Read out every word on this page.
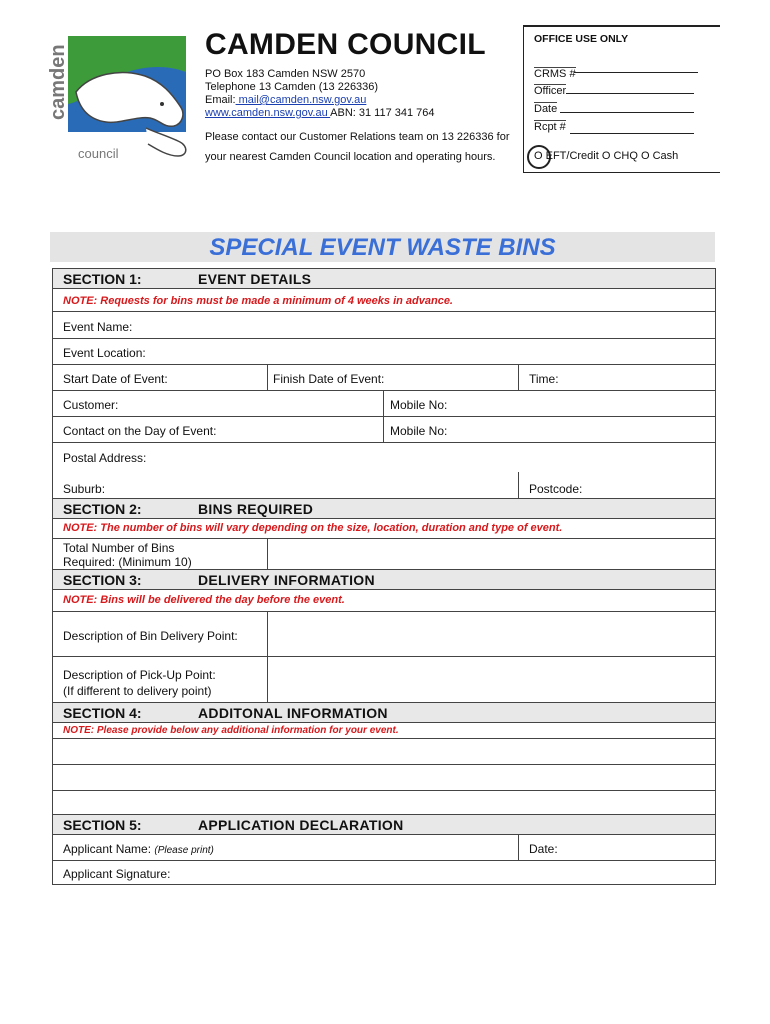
camden
council
CAMDEN COUNCIL
PO Box 183 Camden NSW 2570
Telephone 13 Camden (13 226336)
Email: mail@camden.nsw.gov.au
www.camden.nsw.gov.au ABN: 31 117 341 764
Please contact our Customer Relations team on 13 226336 for
your nearest Camden Council location and operating hours.
OFFICE USE ONLY
CRMS #
Officer
Date
Rcpt #
O EFT/Credit O CHQ O Cash
SPECIAL EVENT WASTE BINS
SECTION 1:	EVENT DETAILS
NOTE: Requests for bins must be made a minimum of 4 weeks in advance.
Event Name:
Event Location:
Start Date of Event:	Finish Date of Event:	Time:
Customer:	Mobile No:
Contact on the Day of Event:	Mobile No:
Postal Address:
Suburb:	Postcode:
SECTION 2:	BINS REQUIRED
NOTE: The number of bins will vary depending on the size, location, duration and type of event.
Total Number of Bins
Required: (Minimum 10)
SECTION 3:	DELIVERY INFORMATION
NOTE: Bins will be delivered the day before the event.
Description of Bin Delivery Point:
Description of Pick-Up Point:
(If different to delivery point)
SECTION 4:	ADDITONAL INFORMATION
NOTE: Please provide below any additional information for your event.
SECTION 5:	APPLICATION DECLARATION
Applicant Name: (Please print)	Date:
Applicant Signature:
